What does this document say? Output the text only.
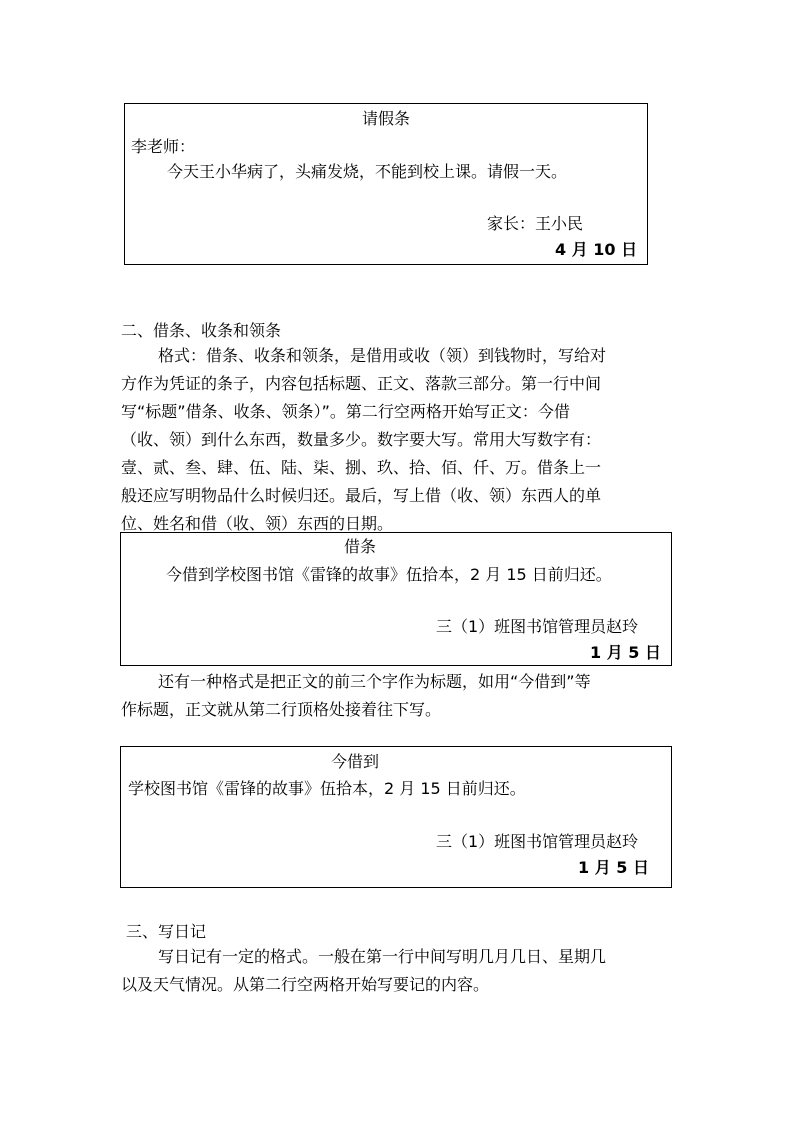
请假条
李老师：
今天王小华病了，头痛发烧，不能到校上课。请假一天。
家长：王小民
4 月 10 日
二、借条、收条和领条
格式：借条、收条和领条，是借用或收（领）到钱物时，写给对
方作为凭证的条子，内容包括标题、正文、落款三部分。第一行中间
写“标题”借条、收条、领条）”。第二行空两格开始写正文：今借
（收、领）到什么东西，数量多少。数字要大写。常用大写数字有：
壹、贰、叁、肆、伍、陆、柒、捌、玖、拾、佰、仟、万。借条上一
般还应写明物品什么时候归还。最后，写上借（收、领）东西人的单
位、姓名和借（收、领）东西的日期。
借条
今借到学校图书馆《雷锋的故事》伍拾本，2 月 15 日前归还。
三（1）班图书馆管理员赵玲
1 月 5 日
还有一种格式是把正文的前三个字作为标题，如用“今借到”等
作标题，正文就从第二行顶格处接着往下写。
今借到
学校图书馆《雷锋的故事》伍拾本，2 月 15 日前归还。
三（1）班图书馆管理员赵玲
1 月 5 日
三、写日记
写日记有一定的格式。一般在第一行中间写明几月几日、星期几
以及天气情况。从第二行空两格开始写要记的内容。
